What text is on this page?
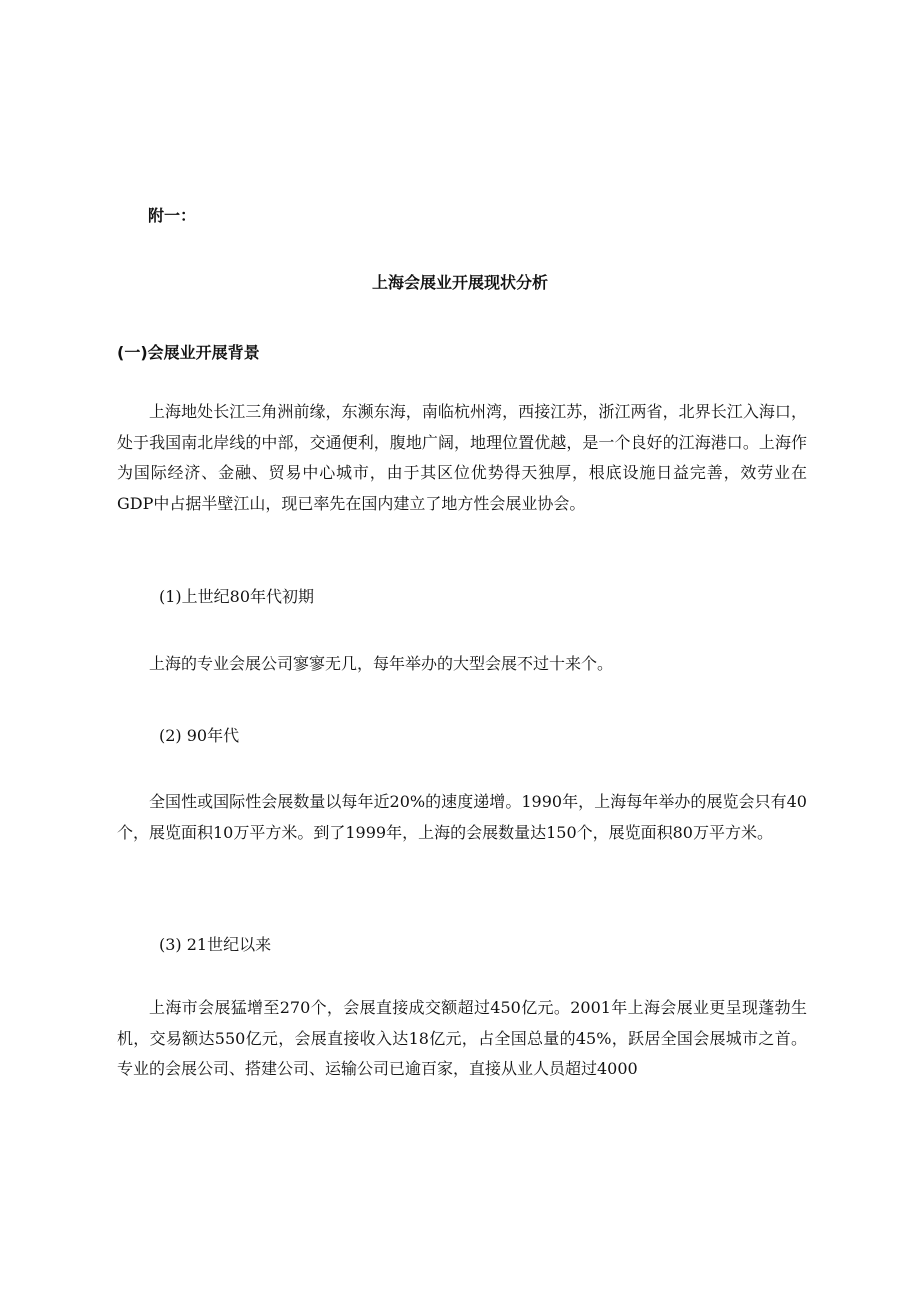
附一：
上海会展业开展现状分析
(一)会展业开展背景

上海地处长江三角洲前缘，东濒东海，南临杭州湾，西接江苏，浙江两省，北界长江入海口，处于我国南北岸线的中部，交通便利，腹地广阔，地理位置优越，是一个良好的江海港口。上海作为国际经济、金融、贸易中心城市，由于其区位优势得天独厚，根底设施日益完善，效劳业在GDP中占据半壁江山，现已率先在国内建立了地方性会展业协会。

(1)上世纪80年代初期
上海的专业会展公司寥寥无几，每年举办的大型会展不过十来个。
(2) 90年代

全国性或国际性会展数量以每年近20%的速度递增。1990年，上海每年举办的展览会只有40个，展览面积10万平方米。到了1999年，上海的会展数量达150个，展览面积80万平方米。

(3) 21世纪以来

上海市会展猛增至270个，会展直接成交额超过450亿元。2001年上海会展业更呈现蓬勃生机，交易额达550亿元，会展直接收入达18亿元，占全国总量的45%，跃居全国会展城市之首。专业的会展公司、搭建公司、运输公司已逾百家，直接从业人员超过4000
